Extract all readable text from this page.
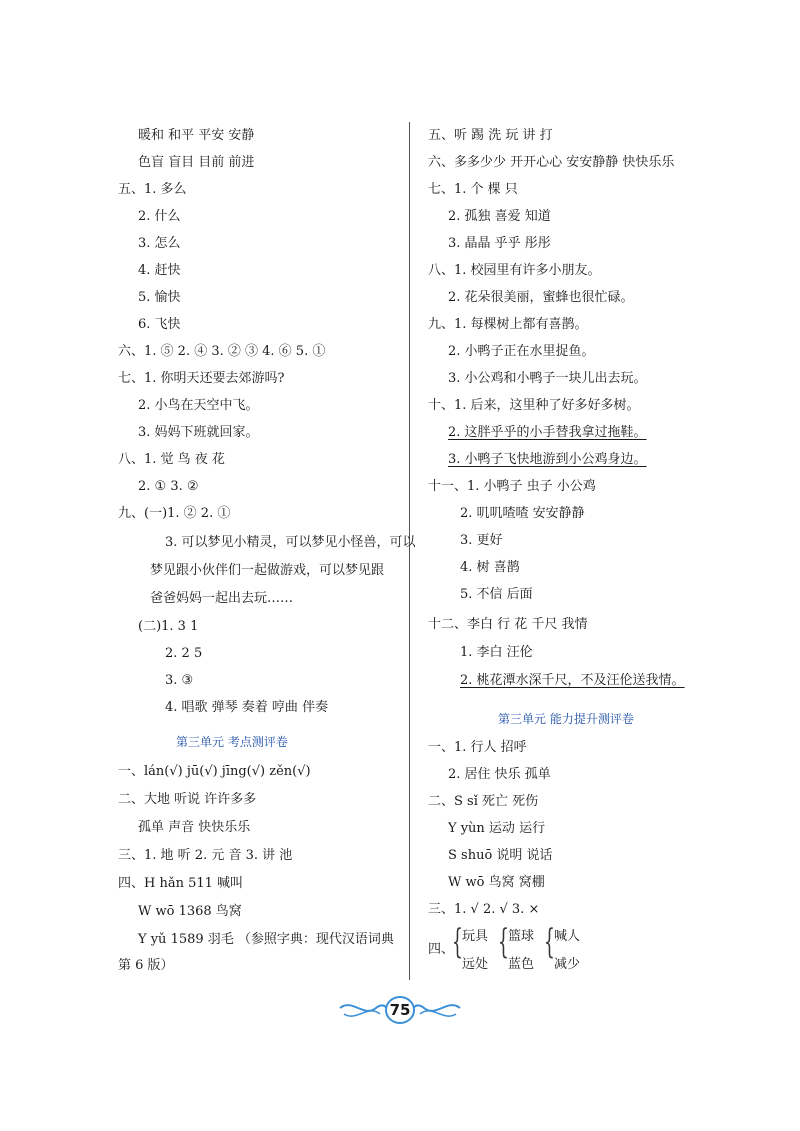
暖和 和平 平安 安静
色盲 盲目 目前 前进
五、1. 多么
2. 什么
3. 怎么
4. 赶快
5. 愉快
6. 飞快
六、1. ⑤ 2. ④ 3. ② ③ 4. ⑥ 5. ①
七、1. 你明天还要去郊游吗?
2. 小鸟在天空中飞。
3. 妈妈下班就回家。
八、1. 觉 鸟 夜 花
2. ① 3. ②
九、(一)1. ② 2. ①
3. 可以梦见小精灵，可以梦见小怪兽，可以
梦见跟小伙伴们一起做游戏，可以梦见跟
爸爸妈妈一起出去玩……
(二)1. 3 1
2. 2 5
3. ③
4. 唱歌 弹琴 奏着 哼曲 伴奏
第三单元 考点测评卷
一、lán(√) jū(√) jīng(√) zěn(√)
二、大地 听说 许许多多
孤单 声音 快快乐乐
三、1. 地 听 2. 元 音 3. 讲 池
四、H hǎn 511 喊叫
W wō 1368 鸟窝
Y yǔ 1589 羽毛 （参照字典：现代汉语词典
第 6 版）
五、听 踢 洗 玩 讲 打
六、多多少少 开开心心 安安静静 快快乐乐
七、1. 个 棵 只
2. 孤独 喜爱 知道
3. 晶晶 乎乎 彤彤
八、1. 校园里有许多小朋友。
2. 花朵很美丽，蜜蜂也很忙碌。
九、1. 每棵树上都有喜鹊。
2. 小鸭子正在水里捉鱼。
3. 小公鸡和小鸭子一块儿出去玩。
十、1. 后来，这里种了好多好多树。
2. 这胖乎乎的小手替我拿过拖鞋。
3. 小鸭子飞快地游到小公鸡身边。
十一、1. 小鸭子 虫子 小公鸡
2. 叽叽喳喳 安安静静
3. 更好
4. 树 喜鹊
5. 不信 后面
十二、李白 行 花 千尺 我情
1. 李白 汪伦
2. 桃花潭水深千尺，不及汪伦送我情。
第三单元 能力提升测评卷
一、1. 行人 招呼
2. 居住 快乐 孤单
二、S sǐ 死亡 死伤
Y yùn 运动 运行
S shuō 说明 说话
W wō 鸟窝 窝棚
三、1. √ 2. √ 3. ×
四、
{ 玩具
远处
{ 篮球
蓝色
{ 喊人
减少
75
